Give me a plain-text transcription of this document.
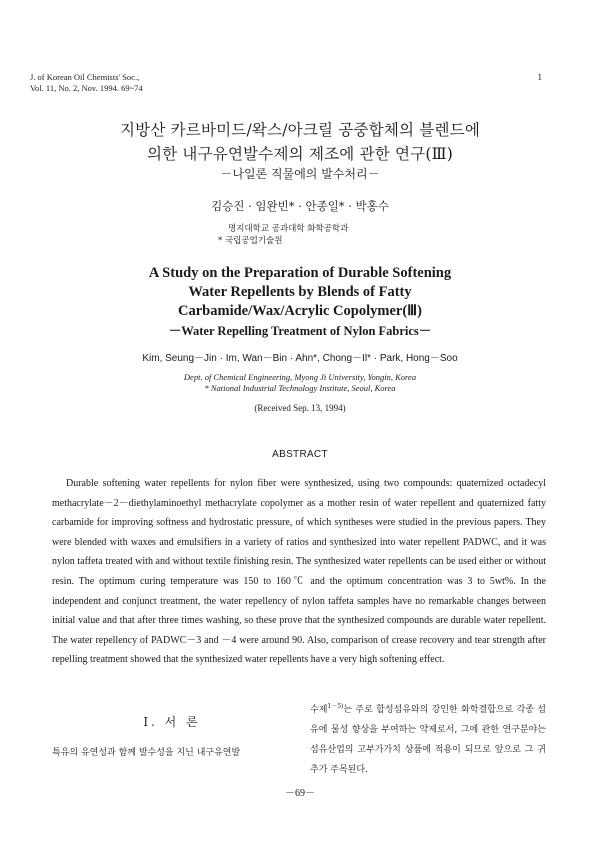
J. of Korean Oil Chemists' Soc.,
Vol. 11, No. 2, Nov. 1994. 69~74
1
지방산 카르바미드/왁스/아크릴 공중합체의 블렌드에
의한 내구유연발수제의 제조에 관한 연구(Ⅲ)
－나일론 직물에의 발수처리－
김승진 · 임완빈* · 안종일* · 박홍수
명지대학교 공과대학 화학공학과
* 국립공업기술원
A Study on the Preparation of Durable Softening
Water Repellents by Blends of Fatty
Carbamide/Wax/Acrylic Copolymer(Ⅲ)
－Water Repelling Treatment of Nylon Fabrics－
Kim, Seung－Jin · Im, Wan－Bin · Ahn*, Chong－Il* · Park, Hong－Soo
Dept. of Chemical Engineering, Myong Ji University, Yongin, Korea
* National Industrial Technology Institute, Seoul, Korea
(Received Sep. 13, 1994)
ABSTRACT

Durable softening water repellents for nylon fiber were synthesized, using two compounds: quaternized octadecyl methacrylate－2－diethylaminoethyl methacrylate copolymer as a mother resin of water repellent and quaternized fatty carbamide for improving softness and hydrostatic pressure, of which syntheses were studied in the previous papers. They were blended with waxes and emulsifiers in a variety of ratios and synthesized into water repellent PADWC, and it was nylon taffeta treated with and without textile finishing resin. The synthesized water repellents can be used either or without resin. The optimum curing temperature was 150 to 160℃ and the optimum concentration was 3 to 5wt%. In the independent and conjunct treatment, the water repellency of nylon taffeta samples have no remarkable changes between initial value and that after three times washing, so these prove that the synthesized compounds are durable water repellent. The water repellency of PADWC－3 and －4 were around 90. Also, comparison of crease recovery and tear strength after repelling treatment showed that the synthesized water repellents have a very high softening effect.

Ⅰ. 서 론
특유의 유연성과 함께 발수성을 지닌 내구유연발

수제$^{1-5)}$는 주로 합성섬유와의 강인한 화학결합으로 각종 섬유에 물성 향상을 부여하는 약제로서, 그에 관한 연구분야는 섬유산업의 고부가가치 상품에 적용이 되므로 앞으로 그 귀추가 주목된다.

－69－
